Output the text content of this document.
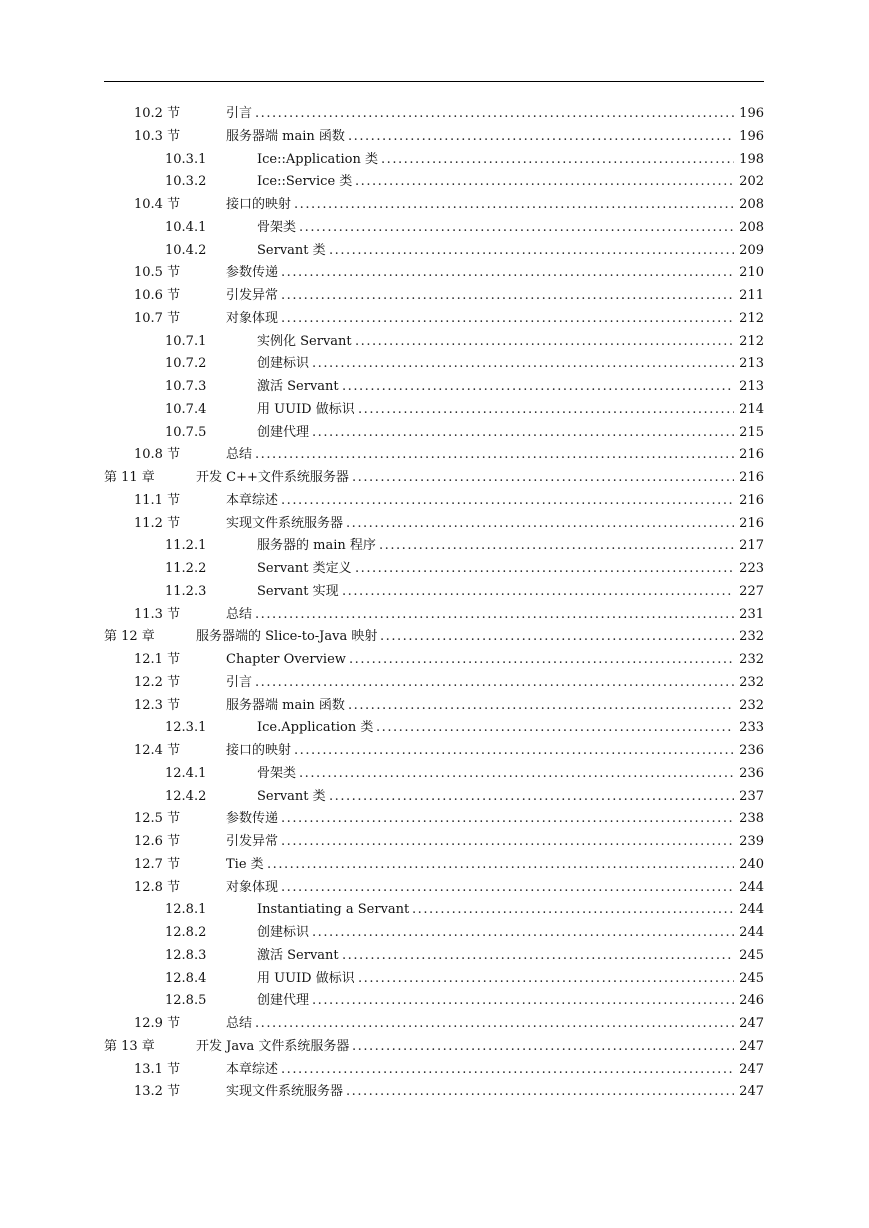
10.2 节	引言 . . .	196
10.3 节	服务器端 main 函数 . . .	196
10.3.1	Ice::Application 类 . . .	198
10.3.2	Ice::Service 类 . . .	202
10.4 节	接口的映射 . . .	208
10.4.1	骨架类 . . .	208
10.4.2	Servant 类 . . .	209
10.5 节	参数传递 . . .	210
10.6 节	引发异常 . . .	211
10.7 节	对象体现 . . .	212
10.7.1	实例化 Servant . . .	212
10.7.2	创建标识 . . .	213
10.7.3	激活 Servant . . .	213
10.7.4	用 UUID 做标识 . . .	214
10.7.5	创建代理 . . .	215
10.8 节	总结 . . .	216
第 11 章	开发 C++文件系统服务器 . . .	216
11.1 节	本章综述 . . .	216
11.2 节	实现文件系统服务器 . . .	216
11.2.1	服务器的 main 程序 . . .	217
11.2.2	Servant 类定义 . . .	223
11.2.3	Servant 实现 . . .	227
11.3 节	总结 . . .	231
第 12 章	服务器端的 Slice-to-Java 映射 . . .	232
12.1 节	Chapter Overview . . .	232
12.2 节	引言 . . .	232
12.3 节	服务器端 main 函数 . . .	232
12.3.1	Ice.Application 类 . . .	233
12.4 节	接口的映射 . . .	236
12.4.1	骨架类 . . .	236
12.4.2	Servant 类 . . .	237
12.5 节	参数传递 . . .	238
12.6 节	引发异常 . . .	239
12.7 节	Tie 类 . . .	240
12.8 节	对象体现 . . .	244
12.8.1	Instantiating a Servant . . .	244
12.8.2	创建标识 . . .	244
12.8.3	激活 Servant . . .	245
12.8.4	用 UUID 做标识 . . .	245
12.8.5	创建代理 . . .	246
12.9 节	总结 . . .	247
第 13 章	开发 Java 文件系统服务器 . . .	247
13.1 节	本章综述 . . .	247
13.2 节	实现文件系统服务器 . . .	247
